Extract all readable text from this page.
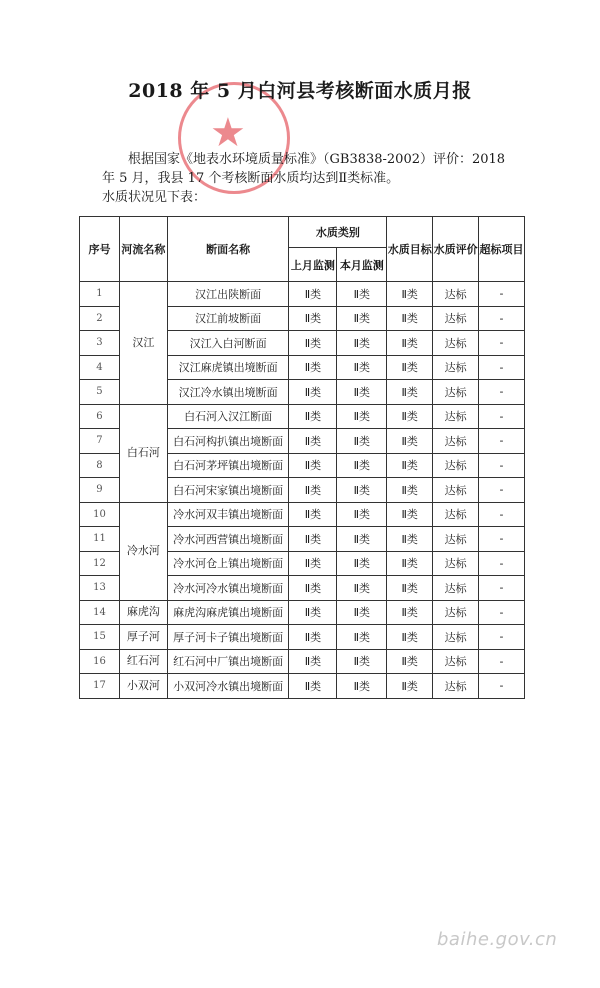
★
2018 年 5 月白河县考核断面水质月报

根据国家《地表水环境质量标准》（GB3838-2002）评价：2018 年 5 月，我县 17 个考核断面水质均达到Ⅱ类标准。

水质状况见下表：

序号	河流名称	断面名称	水质类别		水质目标	水质评价	超标项目
			上月监测	本月监测			
1	汉江	汉江出陕断面	Ⅱ类	Ⅱ类	Ⅱ类	达标	-
2		汉江前坡断面	Ⅱ类	Ⅱ类	Ⅱ类	达标	-
3		汉江入白河断面	Ⅱ类	Ⅱ类	Ⅱ类	达标	-
4		汉江麻虎镇出境断面	Ⅱ类	Ⅱ类	Ⅱ类	达标	-
5		汉江冷水镇出境断面	Ⅱ类	Ⅱ类	Ⅱ类	达标	-
6	白石河	白石河入汉江断面	Ⅱ类	Ⅱ类	Ⅱ类	达标	-
7		白石河构扒镇出境断面	Ⅱ类	Ⅱ类	Ⅱ类	达标	-
8		白石河茅坪镇出境断面	Ⅱ类	Ⅱ类	Ⅱ类	达标	-
9		白石河宋家镇出境断面	Ⅱ类	Ⅱ类	Ⅱ类	达标	-
10	冷水河	冷水河双丰镇出境断面	Ⅱ类	Ⅱ类	Ⅱ类	达标	-
11		冷水河西营镇出境断面	Ⅱ类	Ⅱ类	Ⅱ类	达标	-
12		冷水河仓上镇出境断面	Ⅱ类	Ⅱ类	Ⅱ类	达标	-
13		冷水河冷水镇出境断面	Ⅱ类	Ⅱ类	Ⅱ类	达标	-
14	麻虎沟	麻虎沟麻虎镇出境断面	Ⅱ类	Ⅱ类	Ⅱ类	达标	-
15	厚子河	厚子河卡子镇出境断面	Ⅱ类	Ⅱ类	Ⅱ类	达标	-
16	红石河	红石河中厂镇出境断面	Ⅱ类	Ⅱ类	Ⅱ类	达标	-
17	小双河	小双河冷水镇出境断面	Ⅱ类	Ⅱ类	Ⅱ类	达标	-
baihe.gov.cn
